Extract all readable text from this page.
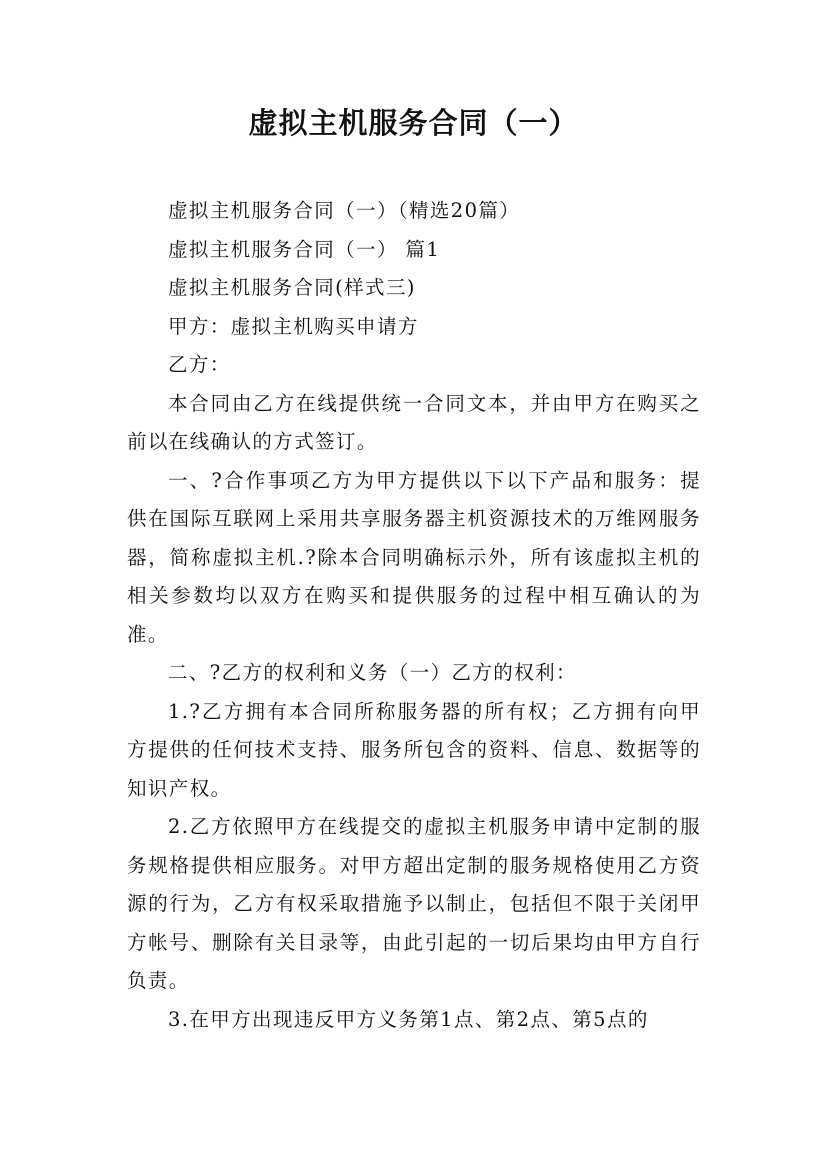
虚拟主机服务合同（一）

虚拟主机服务合同（一）（精选20篇）

虚拟主机服务合同（一） 篇1

虚拟主机服务合同(样式三)

甲方：虚拟主机购买申请方

乙方：

本合同由乙方在线提供统一合同文本，并由甲方在购买之前以在线确认的方式签订。

一、?合作事项乙方为甲方提供以下以下产品和服务：提供在国际互联网上采用共享服务器主机资源技术的万维网服务器，简称虚拟主机.?除本合同明确标示外，所有该虚拟主机的相关参数均以双方在购买和提供服务的过程中相互确认的为准。

二、?乙方的权利和义务（一）乙方的权利：

1.?乙方拥有本合同所称服务器的所有权；乙方拥有向甲方提供的任何技术支持、服务所包含的资料、信息、数据等的知识产权。

2.乙方依照甲方在线提交的虚拟主机服务申请中定制的服务规格提供相应服务。对甲方超出定制的服务规格使用乙方资源的行为，乙方有权采取措施予以制止，包括但不限于关闭甲方帐号、删除有关目录等，由此引起的一切后果均由甲方自行负责。

3.在甲方出现违反甲方义务第1点、第2点、第5点的
